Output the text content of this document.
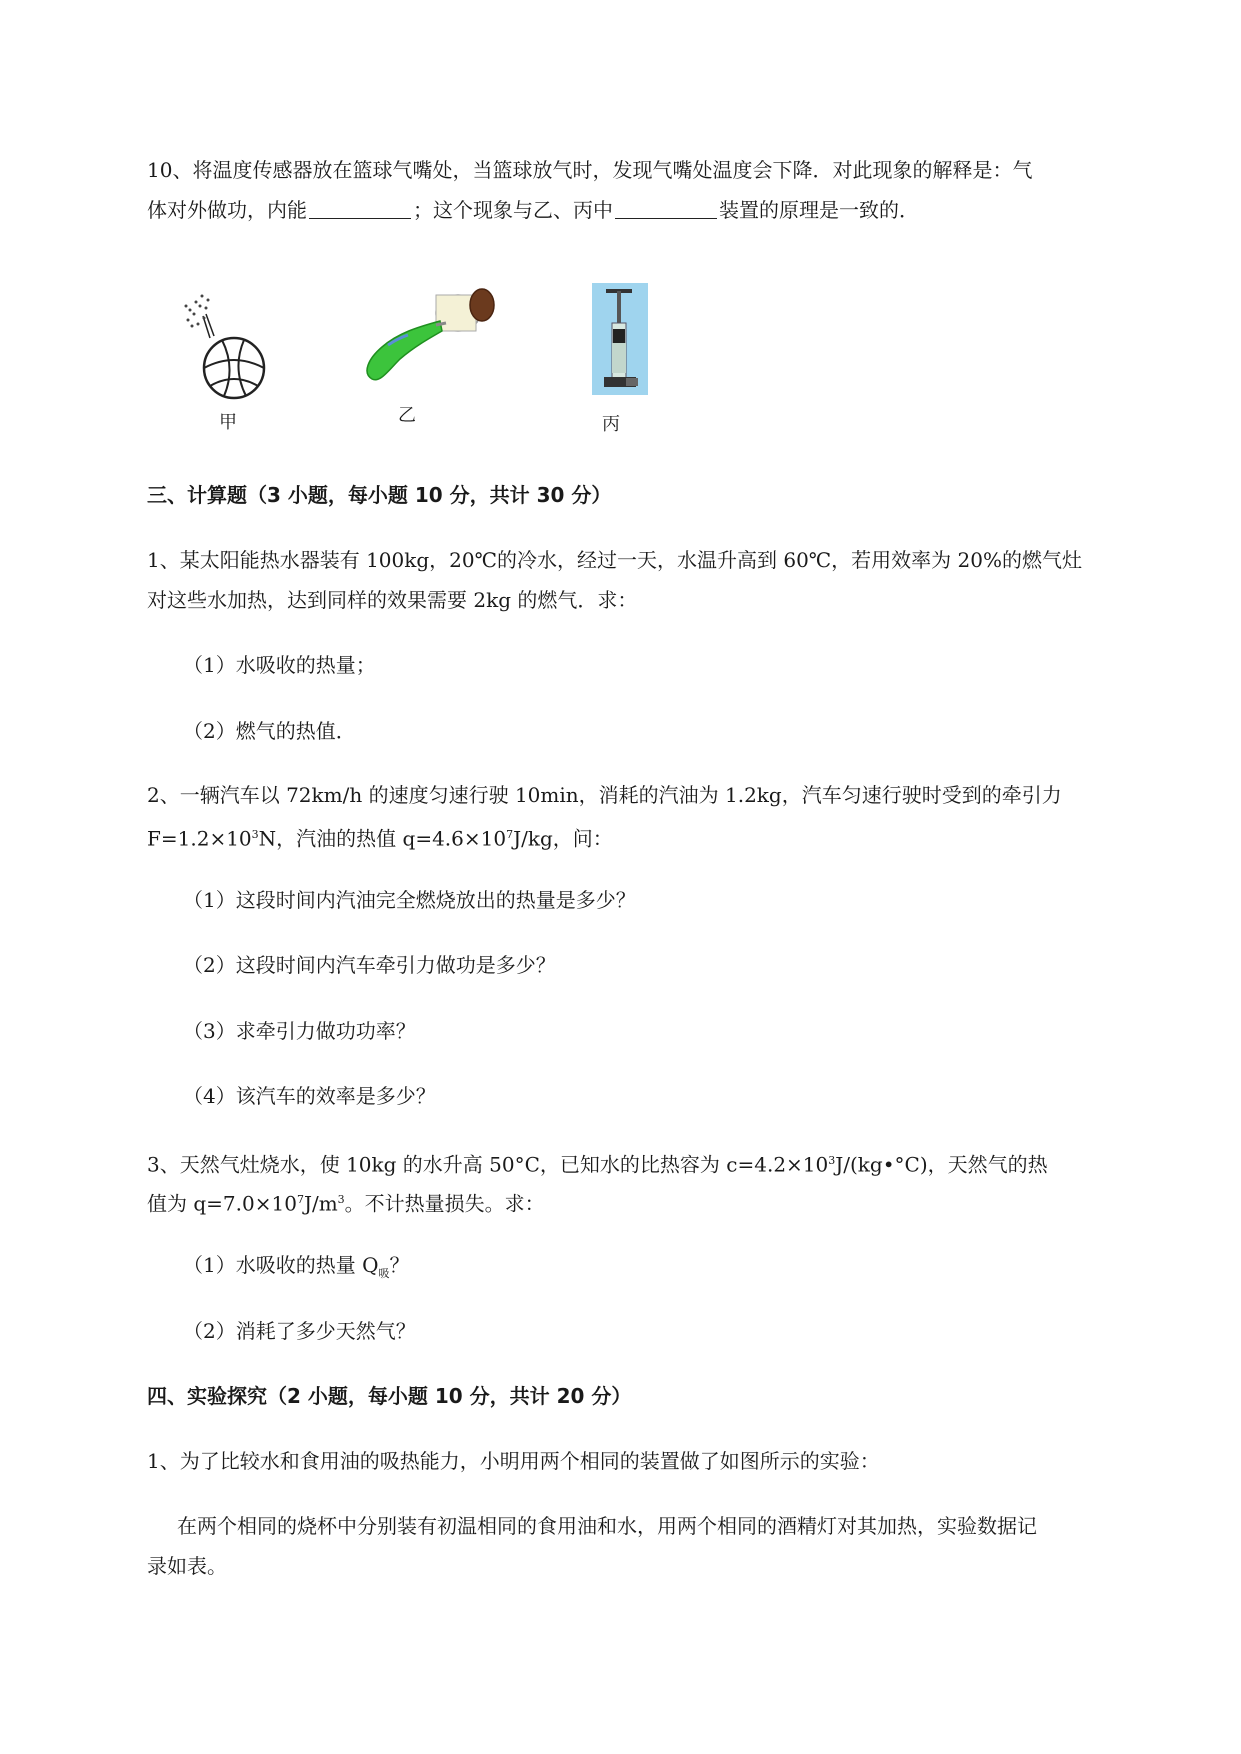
10、将温度传感器放在篮球气嘴处，当篮球放气时，发现气嘴处温度会下降．对此现象的解释是：气
体对外做功，内能	；这个现象与乙、丙中	装置的原理是一致的．
甲	乙	丙
三、计算题（3 小题，每小题 10 分，共计 30 分）
1、某太阳能热水器装有 100kg，20℃的冷水，经过一天，水温升高到 60℃，若用效率为 20%的燃气灶
对这些水加热，达到同样的效果需要 2kg 的燃气．求：
（1）水吸收的热量；
（2）燃气的热值．
2、一辆汽车以 72km/h 的速度匀速行驶 10min，消耗的汽油为 1.2kg，汽车匀速行驶时受到的牵引力
$F=1.2\times 10^3N$，汽油的热值 $q=4.6\times 10^7J/kg$，问：
（1）这段时间内汽油完全燃烧放出的热量是多少？
（2）这段时间内汽车牵引力做功是多少？
（3）求牵引力做功功率？
（4）该汽车的效率是多少？
3、天然气灶烧水，使 10kg 的水升高 50°C，已知水的比热容为 $c=4.2\times 10^3J/(kg•^\circ C)$，天然气的热
值为 $q=7.0\times 10^7J/m^3$。不计热量损失。求：
（1）水吸收的热量 $Q_吸$？
（2）消耗了多少天然气？
四、实验探究（2 小题，每小题 10 分，共计 20 分）
1、为了比较水和食用油的吸热能力，小明用两个相同的装置做了如图所示的实验：
在两个相同的烧杯中分别装有初温相同的食用油和水，用两个相同的酒精灯对其加热，实验数据记
录如表。
